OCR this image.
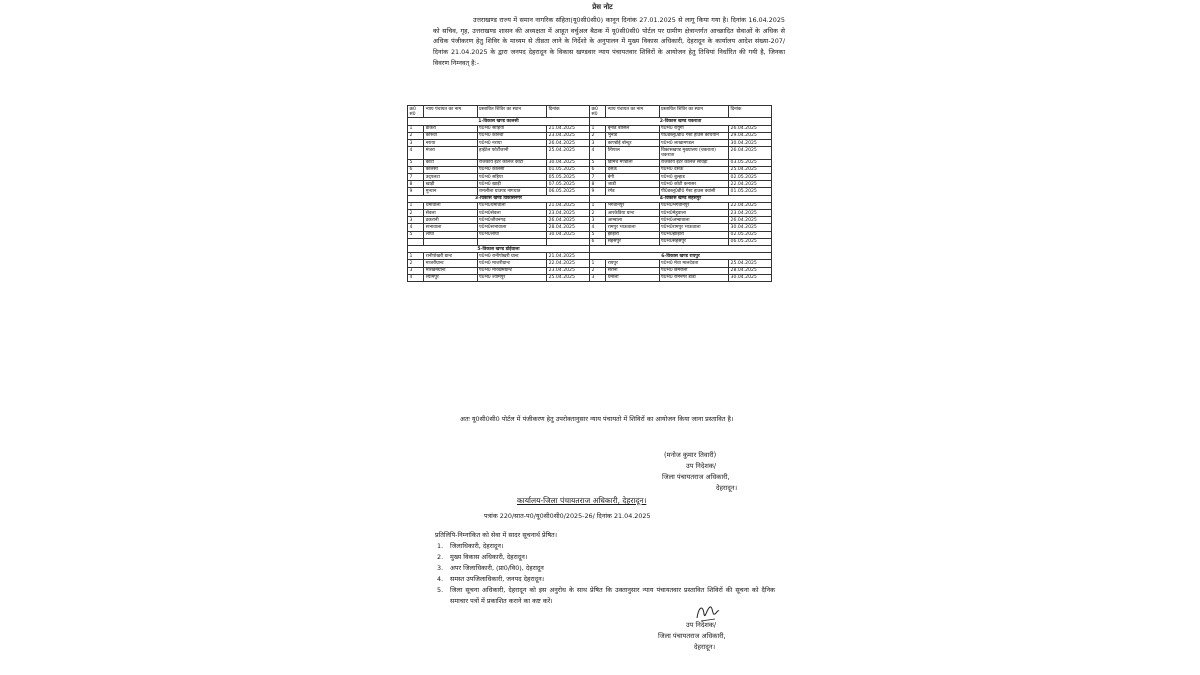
प्रेस नोट
उत्तराखण्ड राज्य में समान नागरिक संहिता(यू0सी0सी0) कानून दिनांक 27.01.2025 से लागू किया गया है। दिनांक 16.04.2025 को सचिव, गृह, उत्तराखण्ड शासन की अध्यक्षता में आहूत वर्चुअल बैठक में यू0सी0सी0 पोर्टल पर ग्रामीण क्षेत्रान्तर्गत आच्छादित सेवाओं के अधिक से अधिक पंजीकरण हेतु शिविर के माध्यम से तीव्रता लाने के निर्देशो के अनुपालन में मुख्य विकास अधिकारी, देहरादून के कार्यालय आदेश संख्या-207/ दिनांक 21.04.2025 के द्वारा जनपद देहरादून के विकास खण्डवार न्याय पंचायतवार शिविरों के आयोजन हेतु तिथियां निर्धारित की गयी है, जिनका विवरण निम्नवत् है:-
क्र0 सं0	न्याय पंचायत का नाम	प्रस्तावित शिविर का स्थान	दिनांक	क्र0 सं0	न्याय पंचायत का नाम	प्रस्तावित शिविर का स्थान	दिनांक
1-विकास खण्ड कालसी				2-विकास खण्ड चकराता			
1	डाकरा	प0भ0 साहिया	21.04.2025	1	बृनाड बासिल	प0भ0 रायुगी	26.04.2025
2	कोरुवा	प0भ0 कोरुवा	23.04.2025	2	भुनाड	पी0डब्लू0डी0 गेस्ट हाउस कथियान	29.04.2025
3	नराया	प0भ0 नराया	26.04.2025	3	काण्डोई बोन्दुर	प0भ0 लाखामण्डल	30.04.2025
4	मंजरा	हाईटेल फोर्टीजानी	25.04.2025	4	त्यिपाल	विकासखण्ड मुख्यालय (चकराता) चकराता	26.04.2025
5	कोटी	राजकीय इंटर कालेज कोटी	30.04.2025	5	डिमिच मण्डोली	राजकीय इंटर कालेज सावड़ा	03.05.2025
6	कालसी	प0भ0 कालसी	01.05.2025	6	दसऊ	प0भ0 दसऊ	25.04.2025
7	उद्पलटा	प0भ0 सहिया	05.05.2025	7	बेगी	प0भ0 बुल्हाड	02.05.2025
8	खाड़ी	प0भ0 खाड़ी	07.05.2025	8	जाडी	प0भ0 कोटी कनासर	22.04.2025
9	मुन्धान	रामलीला ग्राउण्ड नागथात	06.05.2025	9	रंगेड	पी0डब्लू0डी0 गेस्ट हाउस क्वांसी	01.05.2025
3-विकास खण्ड विकासनगर				4-विकास खण्ड सहसपुर			
1	धर्मावाला	प0भ0धर्मावाला	21.04.2025	1	भगवानपुर	प0भ0भगवानपुर	22.04.2025
2	सेवला	प0भ0सेवला	23.04.2025	2	आरकेडिया ग्रान्ट	प0भ0मेहूवाला	23.04.2025
3	ढकरानी	प0भ0जीवनगढ़	26.04.2025	3	आम्बाला	प0भ0अम्बावाला	26.04.2025
4	सभावाला	प0भ0सभावाला	28.04.2025	4	रामपुर भाऊवाला	प0भ0रामपुर भाऊवाला	30.04.2025
5	लांघा	प0भ0लांघा	30.04.2025	5	झाझरा	प0भ0झाझरा	02.05.2025
				6	सहसपुर	प0भ0सहसपुर	06.05.2025
5-विकास खण्ड डोईवाला							
1	रानीपोखरी ग्रान्ट	प0भ0 रानीपोखरी ग्रान्ट	21.04.2025	6-विकास खण्ड रायपुर			
2	माजरीग्रान्ट	प0भ0 माजरीग्रान्ट	22.04.2025	1	रायपुर	प0भ0 मेधा मालदेवता	25.04.2025
3	मारखमग्रान्ट	प0भ0 मारखमग्रान्ट	23.04.2025	2	सरोना	प0भ0 छमरोली	28.04.2025
4	श्यामपुर	प0भ0 श्यामपुर	25.04.2025	3	धनोला	प0भ0 रामनगर डांडा	30.04.2025
अतः यू0सी0सी0 पोर्टल में पंजीकरण हेतु उपरोक्तानुसार न्याय पंचायतो में शिविरों का आयोजन किया जाना प्रस्तावित है।
(मनोज कुमार तिवारी)
उप निदेशक/
जिला पंचायतराज अधिकारी,
देहरादून।
कार्यालय-जिला पंचायतराज अधिकारी, देहरादून।
पत्रांक 220/सात-प0/यू0सी0सी0/2025-26/ दिनांक 21.04.2025
प्रतिलिपि-निम्नांकित को सेवा में सादर सूचनार्थ प्रेषित।
1. जिलाधिकारी, देहरादून।
2. मुख्य विकास अधिकारी, देहरादून।
3. अपर जिलाधिकारी, (प्रा0/वि0), देहरादून
4. समस्त उपजिलाधिकारी, जनपद देहरादून।
5. जिला सूचना अधिकारी, देहरादून को इस अनुरोध के साथ प्रेषित कि उक्तानुसार न्याय पंचायतवार प्रस्तावित शिविरों की सूचना को दैनिक समाचार पत्रों में प्रकाशित कराने का कष्ट करें।
उप निदेशक/
जिला पंचायतराज अधिकारी,
देहरादून।
